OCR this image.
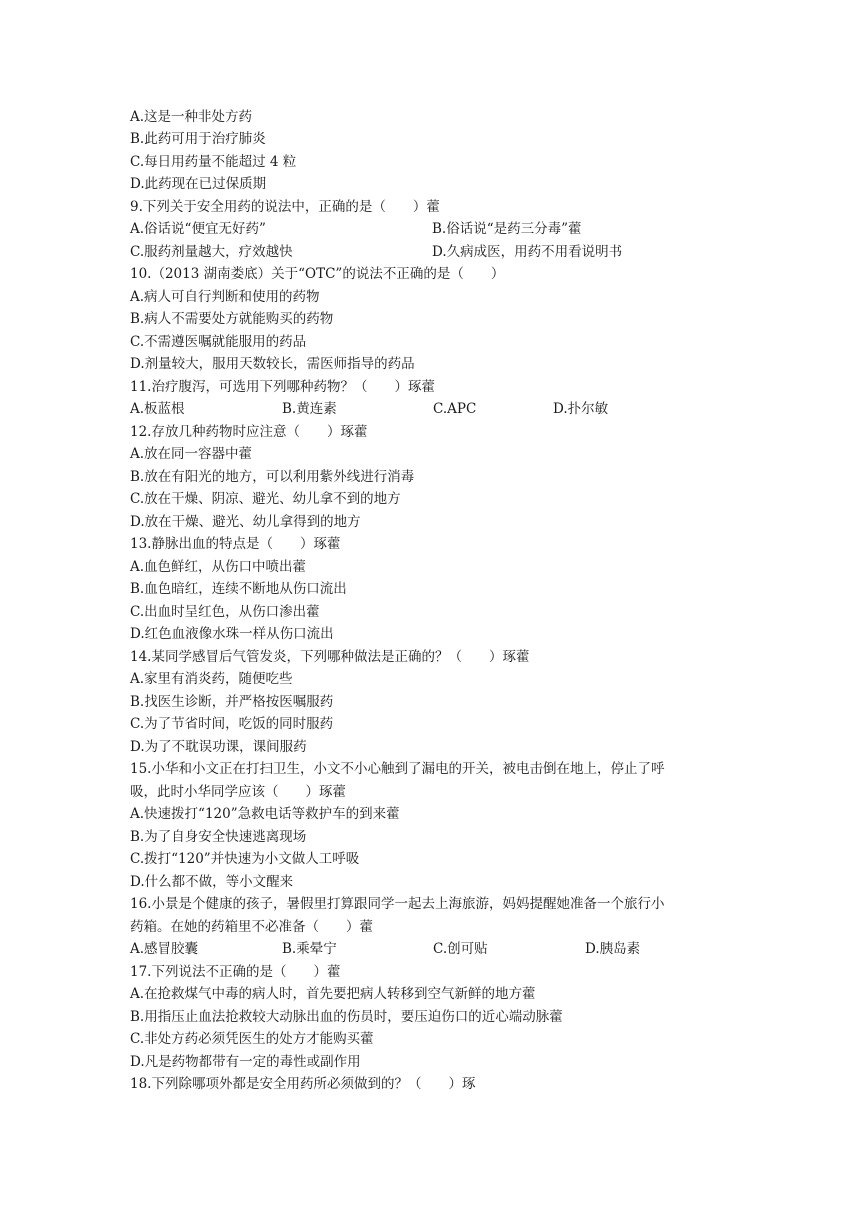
A.这是一种非处方药
B.此药可用于治疗肺炎
C.每日用药量不能超过 4 粒
D.此药现在已过保质期
9.下列关于安全用药的说法中，正确的是（　　）藿
A.俗话说“便宜无好药”	B.俗话说“是药三分毒”藿
C.服药剂量越大，疗效越快	D.久病成医，用药不用看说明书
10.（2013 湖南娄底）关于“OTC”的说法不正确的是（　　）
A.病人可自行判断和使用的药物
B.病人不需要处方就能购买的药物
C.不需遵医嘱就能服用的药品
D.剂量较大，服用天数较长，需医师指导的药品
11.治疗腹泻，可选用下列哪种药物？（　　）琢藿
A.板蓝根	B.黄连素	C.APC	D.扑尔敏
12.存放几种药物时应注意（　　）琢藿
A.放在同一容器中藿
B.放在有阳光的地方，可以利用紫外线进行消毒
C.放在干燥、阴凉、避光、幼儿拿不到的地方
D.放在干燥、避光、幼儿拿得到的地方
13.静脉出血的特点是（　　）琢藿
A.血色鲜红，从伤口中喷出藿
B.血色暗红，连续不断地从伤口流出
C.出血时呈红色，从伤口渗出藿
D.红色血液像水珠一样从伤口流出
14.某同学感冒后气管发炎，下列哪种做法是正确的？（　　）琢藿
A.家里有消炎药，随便吃些
B.找医生诊断，并严格按医嘱服药
C.为了节省时间，吃饭的同时服药
D.为了不耽误功课，课间服药
15.小华和小文正在打扫卫生，小文不小心触到了漏电的开关，被电击倒在地上，停止了呼
吸，此时小华同学应该（　　）琢藿
A.快速拨打“120”急救电话等救护车的到来藿
B.为了自身安全快速逃离现场
C.拨打“120”并快速为小文做人工呼吸
D.什么都不做，等小文醒来
16.小景是个健康的孩子，暑假里打算跟同学一起去上海旅游，妈妈提醒她准备一个旅行小
药箱。在她的药箱里不必准备（　　）藿
A.感冒胶囊	B.乘晕宁	C.创可贴	D.胰岛素
17.下列说法不正确的是（　　）藿
A.在抢救煤气中毒的病人时，首先要把病人转移到空气新鲜的地方藿
B.用指压止血法抢救较大动脉出血的伤员时，要压迫伤口的近心端动脉藿
C.非处方药必须凭医生的处方才能购买藿
D.凡是药物都带有一定的毒性或副作用
18.下列除哪项外都是安全用药所必须做到的？（　　）琢
